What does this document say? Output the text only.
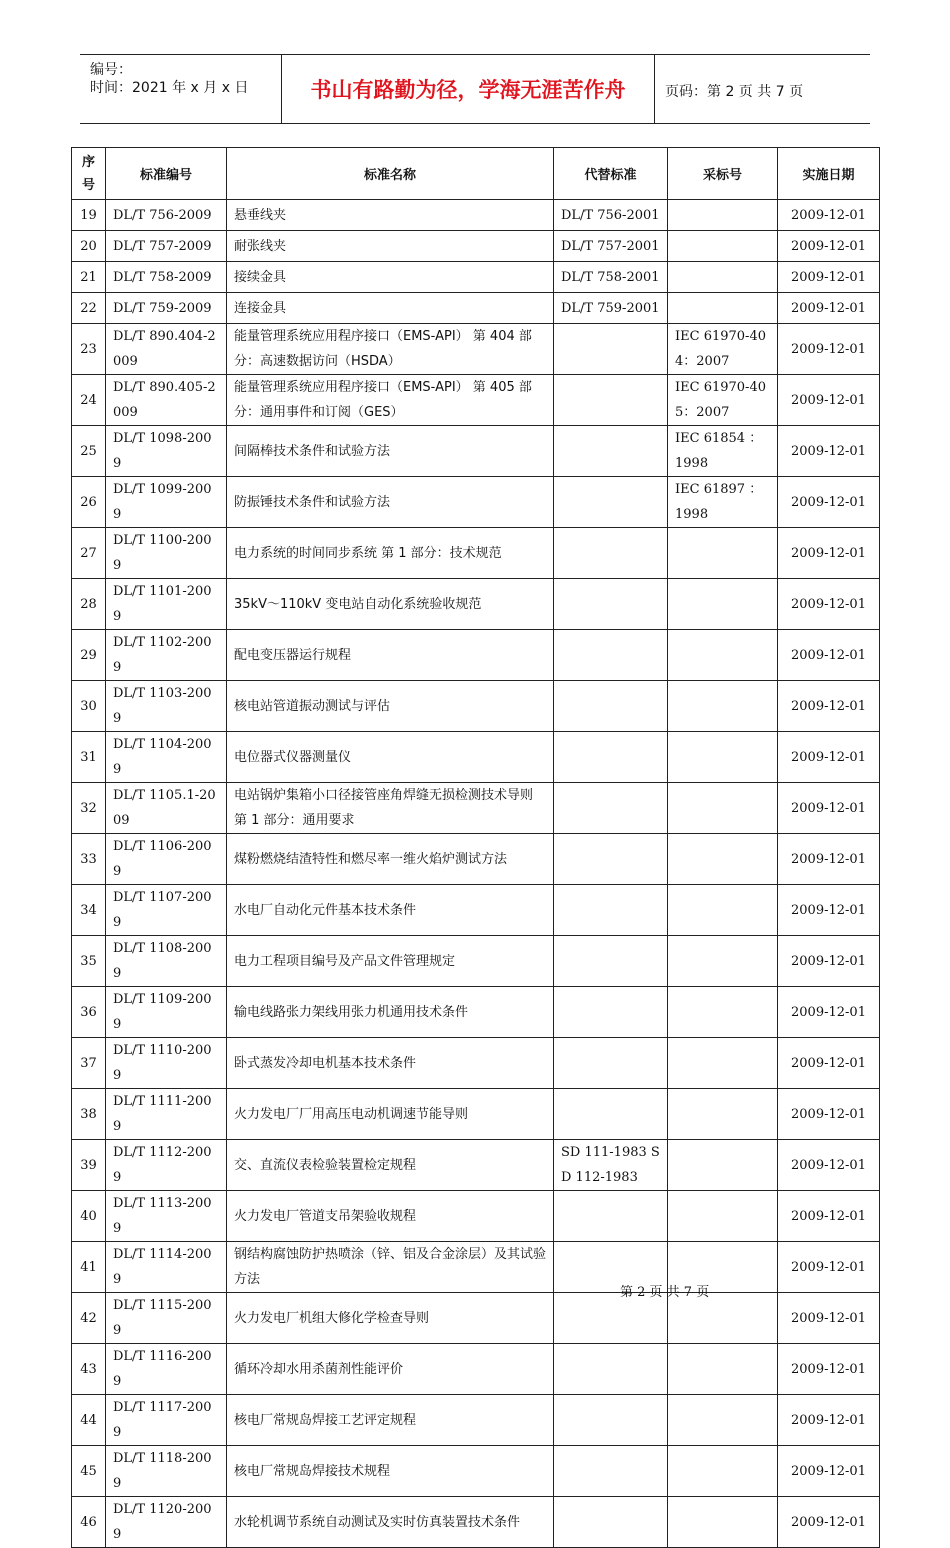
编号：
时间：2021 年 x 月 x 日	书山有路勤为径，学海无涯苦作舟	页码：第 2 页 共 7 页
序号	标准编号	标准名称	代替标准	采标号	实施日期
19	DL/T 756-2009	悬垂线夹	DL/T 756-2001		2009-12-01
20	DL/T 757-2009	耐张线夹	DL/T 757-2001		2009-12-01
21	DL/T 758-2009	接续金具	DL/T 758-2001		2009-12-01
22	DL/T 759-2009	连接金具	DL/T 759-2001		2009-12-01
23	DL/T 890.404-2009	能量管理系统应用程序接口（EMS-API） 第 404 部分：高速数据访问（HSDA）		IEC 61970-404：2007	2009-12-01
24	DL/T 890.405-2009	能量管理系统应用程序接口（EMS-API） 第 405 部分：通用事件和订阅（GES）		IEC 61970-405：2007	2009-12-01
25	DL/T 1098-2009	间隔棒技术条件和试验方法		IEC 61854 ：1998	2009-12-01
26	DL/T 1099-2009	防振锤技术条件和试验方法		IEC 61897 ：1998	2009-12-01
27	DL/T 1100-2009	电力系统的时间同步系统 第 1 部分：技术规范			2009-12-01
28	DL/T 1101-2009	35kV～110kV 变电站自动化系统验收规范			2009-12-01
29	DL/T 1102-2009	配电变压器运行规程			2009-12-01
30	DL/T 1103-2009	核电站管道振动测试与评估			2009-12-01
31	DL/T 1104-2009	电位器式仪器测量仪			2009-12-01
32	DL/T 1105.1-2009	电站锅炉集箱小口径接管座角焊缝无损检测技术导则 第 1 部分：通用要求			2009-12-01
33	DL/T 1106-2009	煤粉燃烧结渣特性和燃尽率一维火焰炉测试方法			2009-12-01
34	DL/T 1107-2009	水电厂自动化元件基本技术条件			2009-12-01
35	DL/T 1108-2009	电力工程项目编号及产品文件管理规定			2009-12-01
36	DL/T 1109-2009	输电线路张力架线用张力机通用技术条件			2009-12-01
37	DL/T 1110-2009	卧式蒸发冷却电机基本技术条件			2009-12-01
38	DL/T 1111-2009	火力发电厂厂用高压电动机调速节能导则			2009-12-01
39	DL/T 1112-2009	交、直流仪表检验装置检定规程	SD 111-1983 SD 112-1983		2009-12-01
40	DL/T 1113-2009	火力发电厂管道支吊架验收规程			2009-12-01
41	DL/T 1114-2009	钢结构腐蚀防护热喷涂（锌、铝及合金涂层）及其试验方法			2009-12-01
42	DL/T 1115-2009	火力发电厂机组大修化学检查导则			2009-12-01
43	DL/T 1116-2009	循环冷却水用杀菌剂性能评价			2009-12-01
44	DL/T 1117-2009	核电厂常规岛焊接工艺评定规程			2009-12-01
45	DL/T 1118-2009	核电厂常规岛焊接技术规程			2009-12-01
46	DL/T 1120-2009	水轮机调节系统自动测试及实时仿真装置技术条件			2009-12-01
第 2 页 共 7 页
